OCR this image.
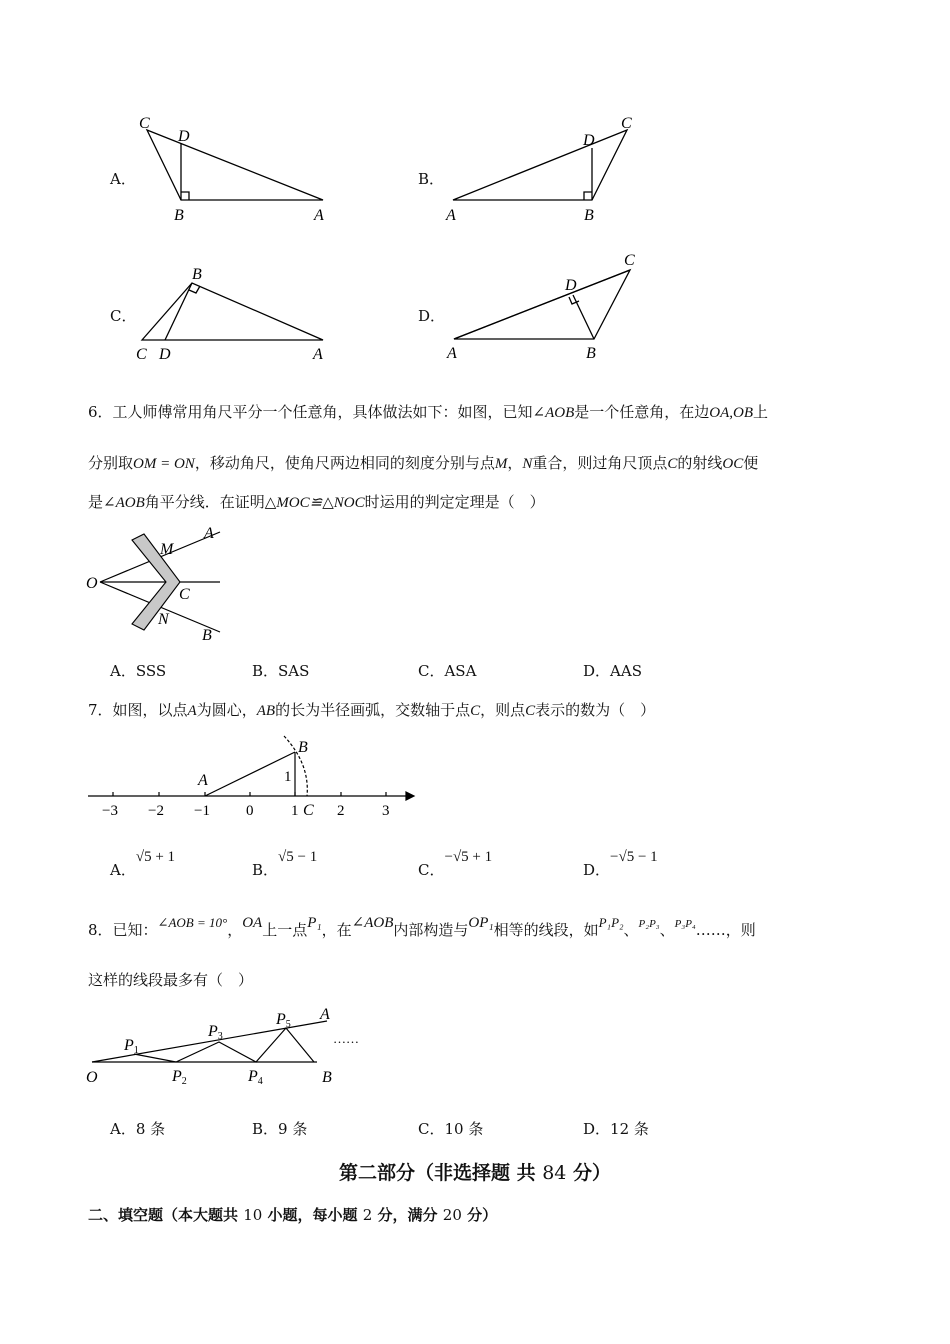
A．
C
D
B	A
B．
D
C
A	B
C．
B
C D	A
D．
D
C
A	B
6．工人师傅常用角尺平分一个任意角，具体做法如下：如图，已知∠AOB是一个任意角，在边OA,OB上
分别取OM = ON，移动角尺，使角尺两边相同的刻度分别与点M，N重合，则过角尺顶点C的射线OC便
是∠AOB角平分线．在证明△MOC≌△NOC时运用的判定定理是（　）
O
M
A
C
N
B
A．SSS	B．SAS	C．ASA	D．AAS
7．如图，以点A为圆心，AB的长为半径画弧，交数轴于点C，则点C表示的数为（　）
−3 −2 −1 0	1	2	3
1
A
B
C
A．√5 + 1
B．√5 − 1
C．−√5 + 1
D．−√5 − 1
8．已知：∠AOB = 10°，OA上一点P₁，在∠AOB内部构造与OP₁相等的线段，如P₁P₂、$^{P_2P_3}$、$^{P_3P_4}$……，则
这样的线段最多有（　）
O	B
A
P1
P2
P3
P4
P5
……
A．8 条	B．9 条	C．10 条	D．12 条
第二部分（非选择题 共 84 分）
二、填空题（本大题共 10 小题，每小题 2 分，满分 20 分）
